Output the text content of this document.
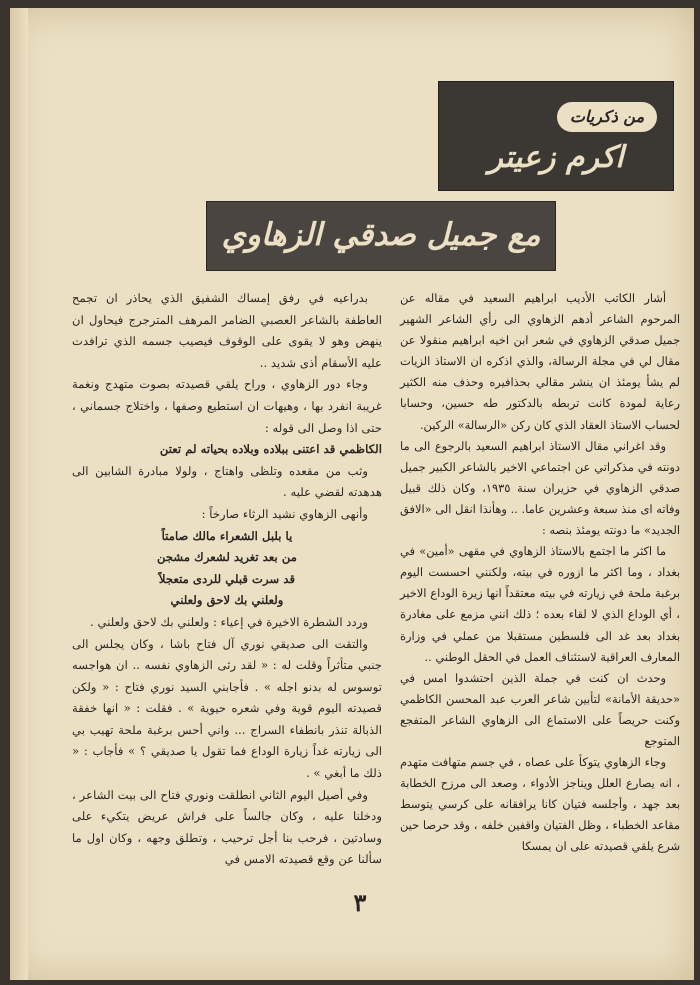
من ذكريات
اكرم زعيتر
مع جميل صدقي الزهاوي

أشار الكاتب الأديب ابراهيم السعيد في مقاله عن المرحوم الشاعر أدهم الزهاوي الى رأي الشاعر الشهير جميل صدقي الزهاوي في شعر ابن اخيه ابراهيم منقولا عن مقال لي في مجلة الرسالة، والذي اذكره ان الاستاذ الزيات لم يشأ يومئذ ان ينشر مقالي بحذافيره وحذف منه الكثير رعاية لمودة كانت تربطه بالدكتور طه حسين، وحسابا لحساب الاستاذ العقاد الذي كان ركن «الرسالة» الركين.

وقد اغراني مقال الاستاذ ابراهيم السعيد بالرجوع الى ما دونته في مذكراتي عن اجتماعي الاخير بالشاعر الكبير جميل صدقي الزهاوي في حزيران سنة ١٩٣٥، وكان ذلك قبيل وفاته اى منذ سبعة وعشرين عاما. .. وهأنذا انقل الى «الافق الجديد» ما دونته يومئذ بنصه :

ما اكثر ما اجتمع بالاستاذ الزهاوي في مقهى «أمين» في بغداد ، وما اكثر ما ازوره في بيته، ولكنني احسست اليوم برغبة ملحة في زيارته في بيته معتقداً انها زيرة الوداع الاخير ، أي الوداع الذي لا لقاء بعده ؛ ذلك انني مزمع على مغادرة بغداد بعد غد الى فلسطين مستقبلا من عملي في وزارة المعارف العراقية لاستئناف العمل في الحقل الوطني ..

وحدث ان كنت في جملة الذين احتشدوا امس في «حديقة الأمانة» لتأبين شاعر العرب عبد المحسن الكاظمي وكنت حريصاً على الاستماع الى الزهاوي الشاعر المتفجع المتوجع

وجاء الزهاوي يتوكأ على عصاه ، في جسم متهافت متهدم ، انه يصارع العلل ويناجز الأدواء ، وصعد الى مرزح الخطابة بعد جهد ، وأجلسه فتيان كانا يرافقانه على كرسي يتوسط مقاعد الخطباء ، وظل الفتيان واقفين خلفه ، وقد حرصا حين شرع يلقي قصيدته على ان يمسكا

بدراعيه في رفق إمساك الشفيق الذي يحاذر ان تجمح العاطفة بالشاعر العصبي الضامر المرهف المترجرج فيحاول ان ينهض وهو لا يقوى على الوقوف فيصيب جسمه الذي ترافدت عليه الأسقام أذى شديد ..

وجاء دور الزهاوي ، وراح يلقي قصيدته بصوت متهدج ونغمة غريبة انفرد بها ، وهيهات ان استطيع وصفها ، واختلاج جسماني ، حتى اذا وصل الى قوله :

الكاظمي قد اعتنى ببلاده وبلاده بحياته لم تعتن

وثب من مقعده وتلظى واهتاج ، ولولا مبادرة الشابين الى هدهدته لقضي عليه .

وأنهى الزهاوي نشيد الرثاء صارخاً :

يا بلبل الشعراء مالك صامتاً

من بعد تغريد لشعرك مشجن

قد سرت قبلي للردى متعجلاً

ولعلني بك لاحق ولعلني

وردد الشطرة الاخيرة في إعياء : ولعلني بك لاحق ولعلني .

والتقت الى صديقي نوري آل فتاح باشا ، وكان يجلس الى جنبي متأثراً وقلت له : « لقد رثى الزهاوي نفسه .. ان هواجسه توسوس له بدنو اجله » . فأجابني السيد نوري فتاح : « ولكن قصيدته اليوم قوية وفي شعره حيوية » . فقلت : « انها خفقة الذبالة تنذر بانطفاء السراج ... واني أحس برغبة ملحة تهيب بي الى زيارته غداً زيارة الوداع فما تقول يا صديقي ؟ » فأجاب : « ذلك ما أبغي » .

وفي أصيل اليوم الثاني انطلقت ونوري فتاح الى بيت الشاعر ، ودخلنا عليه ، وكان جالساً على فراش عريض يتكيء على وسادتين ، فرحب بنا أجل ترحيب ، وتطلق وجهه ، وكان اول ما سألنا عن وقع قصيدته الامس في

٣
